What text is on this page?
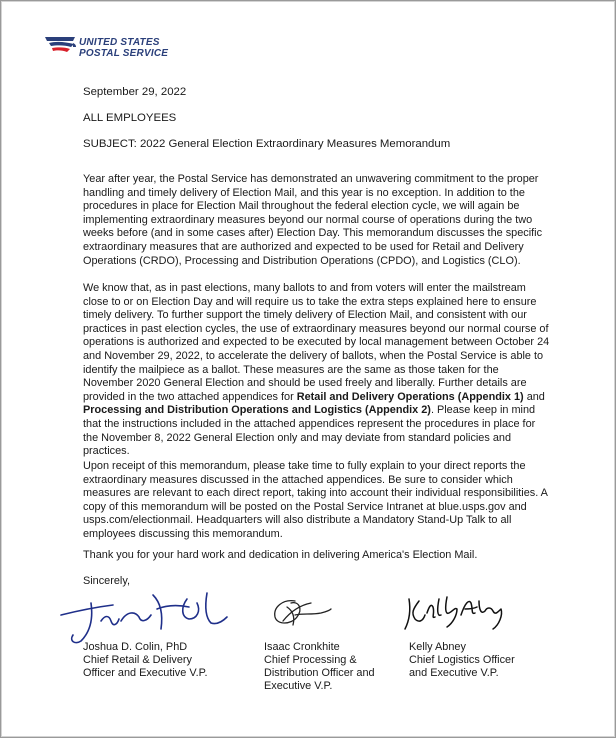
UNITED STATES
POSTAL SERVICE
September 29, 2022
ALL EMPLOYEES
SUBJECT: 2022 General Election Extraordinary Measures Memorandum
Year after year, the Postal Service has demonstrated an unwavering commitment to the proper handling and timely delivery of Election Mail, and this year is no exception. In addition to the procedures in place for Election Mail throughout the federal election cycle, we will again be implementing extraordinary measures beyond our normal course of operations during the two weeks before (and in some cases after) Election Day. This memorandum discusses the specific extraordinary measures that are authorized and expected to be used for Retail and Delivery Operations (CRDO), Processing and Distribution Operations (CPDO), and Logistics (CLO).
We know that, as in past elections, many ballots to and from voters will enter the mailstream close to or on Election Day and will require us to take the extra steps explained here to ensure timely delivery. To further support the timely delivery of Election Mail, and consistent with our practices in past election cycles, the use of extraordinary measures beyond our normal course of operations is authorized and expected to be executed by local management between October 24 and November 29, 2022, to accelerate the delivery of ballots, when the Postal Service is able to identify the mailpiece as a ballot. These measures are the same as those taken for the November 2020 General Election and should be used freely and liberally. Further details are provided in the two attached appendices for Retail and Delivery Operations (Appendix 1) and Processing and Distribution Operations and Logistics (Appendix 2). Please keep in mind that the instructions included in the attached appendices represent the procedures in place for the November 8, 2022 General Election only and may deviate from standard policies and practices.
Upon receipt of this memorandum, please take time to fully explain to your direct reports the extraordinary measures discussed in the attached appendices. Be sure to consider which measures are relevant to each direct report, taking into account their individual responsibilities. A copy of this memorandum will be posted on the Postal Service Intranet at blue.usps.gov and usps.com/electionmail. Headquarters will also distribute a Mandatory Stand-Up Talk to all employees discussing this memorandum.
Thank you for your hard work and dedication in delivering America's Election Mail.
Sincerely,
Joshua D. Colin, PhD
Chief Retail & Delivery
Officer and Executive V.P.
Isaac Cronkhite
Chief Processing &
Distribution Officer and
Executive V.P.
Kelly Abney
Chief Logistics Officer
and Executive V.P.
